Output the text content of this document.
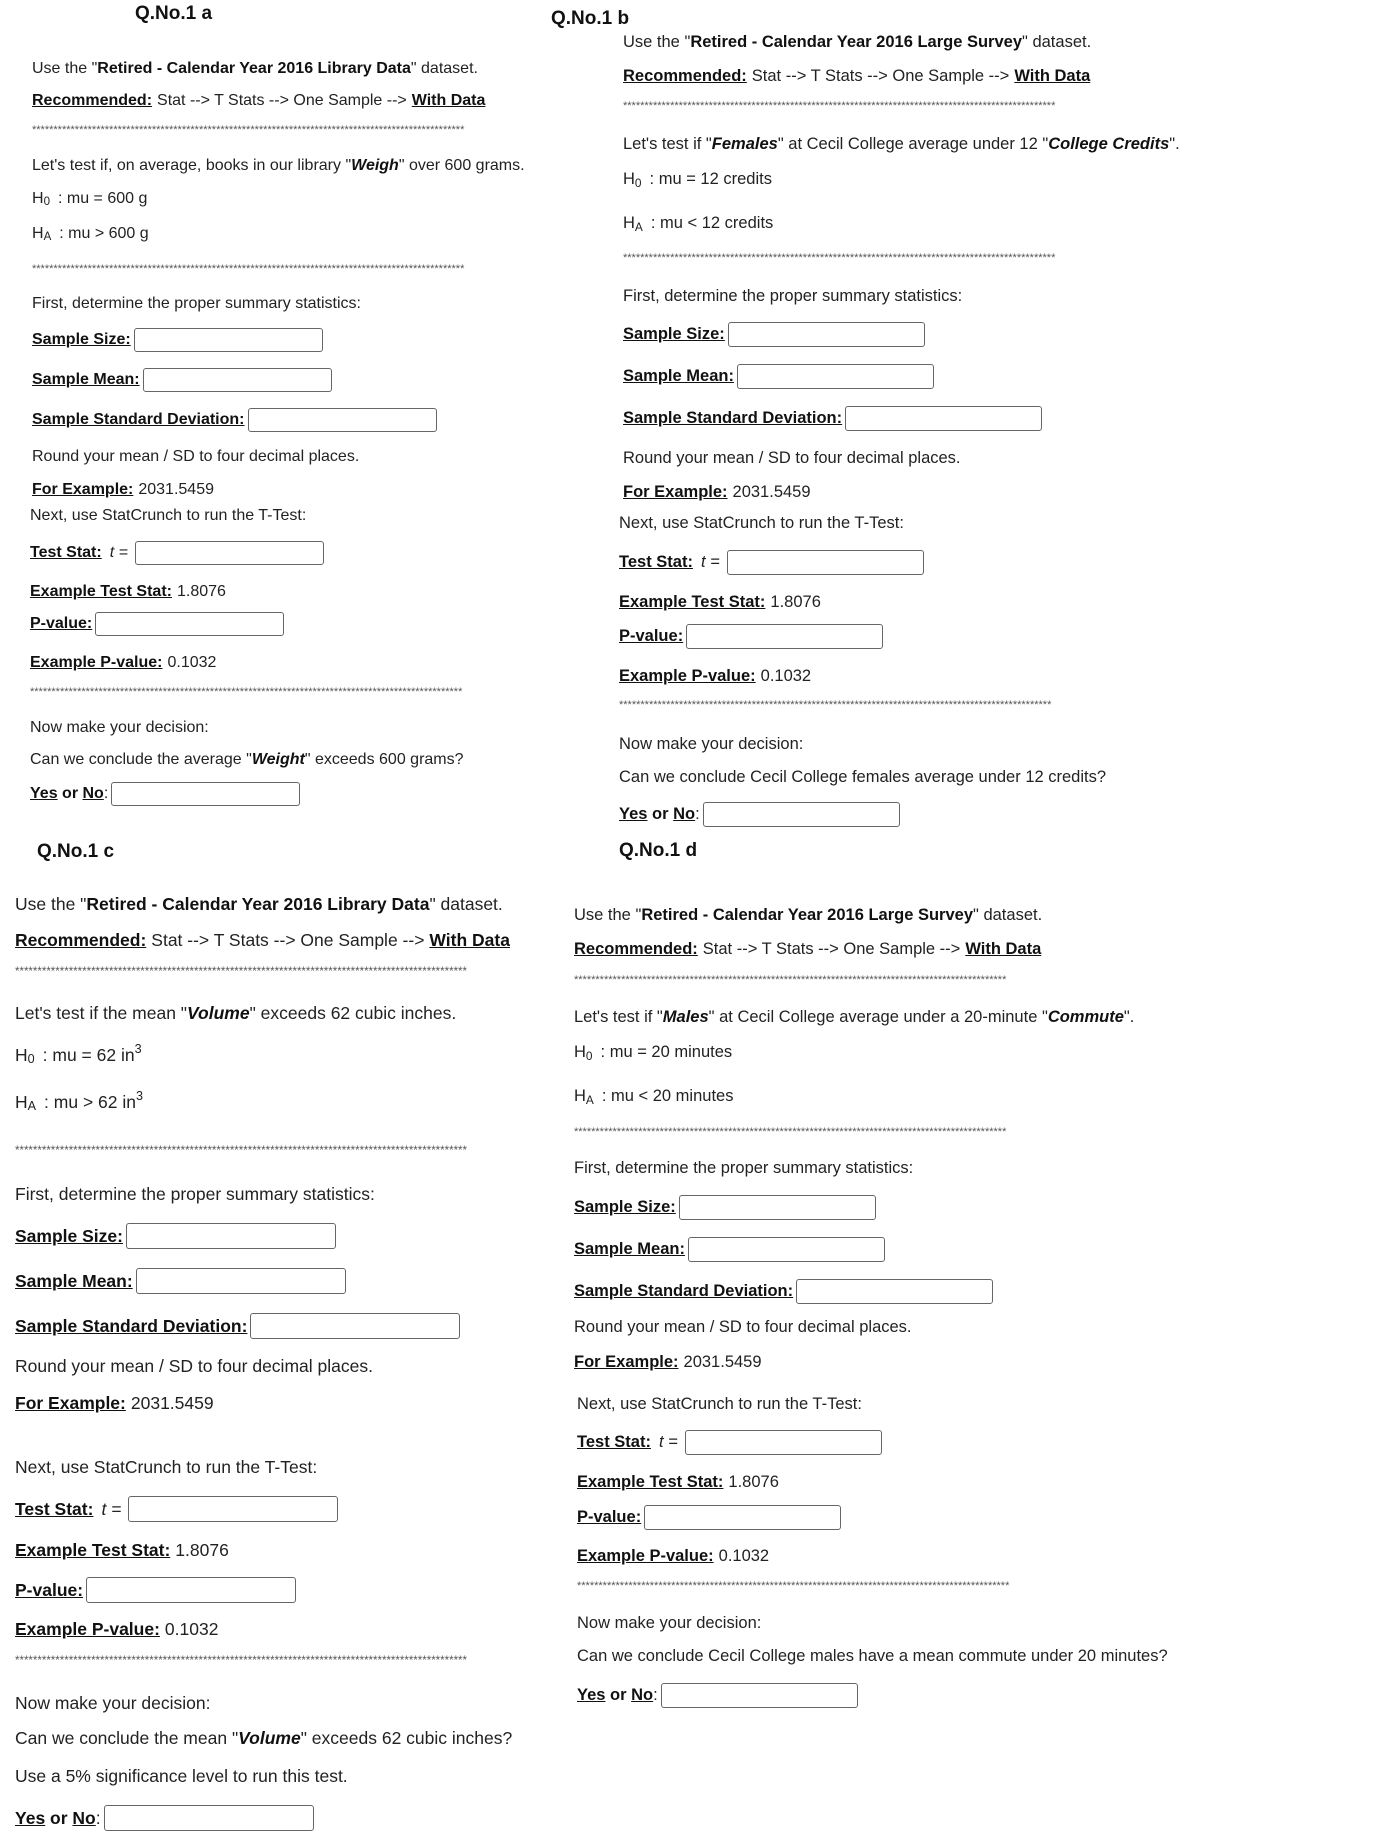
Q.No.1 a
Use the " Retired - Calendar Year 2016 Library Data " dataset.
Recommended: Stat --> T Stats --> One Sample --> With Data
*****************************************************************************************************
Let's test if, on average, books in our library " Weigh " over 600 grams.
H 0 : mu = 600 g
H A : mu > 600 g
*****************************************************************************************************
First, determine the proper summary statistics:
Sample Size:
Sample Mean:
Sample Standard Deviation:
Round your mean / SD to four decimal places.
For Example: 2031.5459
Next, use StatCrunch to run the T-Test:
Test Stat: t =
Example Test Stat: 1.8076
P-value:
Example P-value: 0.1032
*****************************************************************************************************
Now make your decision:
Can we conclude the average " Weight " exceeds 600 grams?
Yes or No :
Q.No.1 b
Use the " Retired - Calendar Year 2016 Large Survey " dataset.
Recommended: Stat --> T Stats --> One Sample --> With Data
*****************************************************************************************************
Let's test if " Females " at Cecil College average under 12 " College Credits ".
H 0 : mu = 12 credits
H A : mu < 12 credits
*****************************************************************************************************
First, determine the proper summary statistics:
Sample Size:
Sample Mean:
Sample Standard Deviation:
Round your mean / SD to four decimal places.
For Example: 2031.5459
Next, use StatCrunch to run the T-Test:
Test Stat: t =
Example Test Stat: 1.8076
P-value:
Example P-value: 0.1032
*****************************************************************************************************
Now make your decision:
Can we conclude Cecil College females average under 12 credits?
Yes or No :
Q.No.1 d
Q.No.1 c
Use the " Retired - Calendar Year 2016 Library Data " dataset.
Recommended: Stat --> T Stats --> One Sample --> With Data
*****************************************************************************************************
Let's test if the mean " Volume " exceeds 62 cubic inches.
H 0 : mu = 62 in 3
H A : mu > 62 in 3
*****************************************************************************************************
First, determine the proper summary statistics:
Sample Size:
Sample Mean:
Sample Standard Deviation:
Round your mean / SD to four decimal places.
For Example: 2031.5459
Next, use StatCrunch to run the T-Test:
Test Stat: t =
Example Test Stat: 1.8076
P-value:
Example P-value: 0.1032
*****************************************************************************************************
Now make your decision:
Can we conclude the mean " Volume " exceeds 62 cubic inches?
Use a 5% significance level to run this test.
Yes or No :
Use the " Retired - Calendar Year 2016 Large Survey " dataset.
Recommended: Stat --> T Stats --> One Sample --> With Data
*****************************************************************************************************
Let's test if " Males " at Cecil College average under a 20-minute " Commute ".
H 0 : mu = 20 minutes
H A : mu < 20 minutes
*****************************************************************************************************
First, determine the proper summary statistics:
Sample Size:
Sample Mean:
Sample Standard Deviation:
Round your mean / SD to four decimal places.
For Example: 2031.5459
Next, use StatCrunch to run the T-Test:
Test Stat: t =
Example Test Stat: 1.8076
P-value:
Example P-value: 0.1032
*****************************************************************************************************
Now make your decision:
Can we conclude Cecil College males have a mean commute under 20 minutes?
Yes or No :
